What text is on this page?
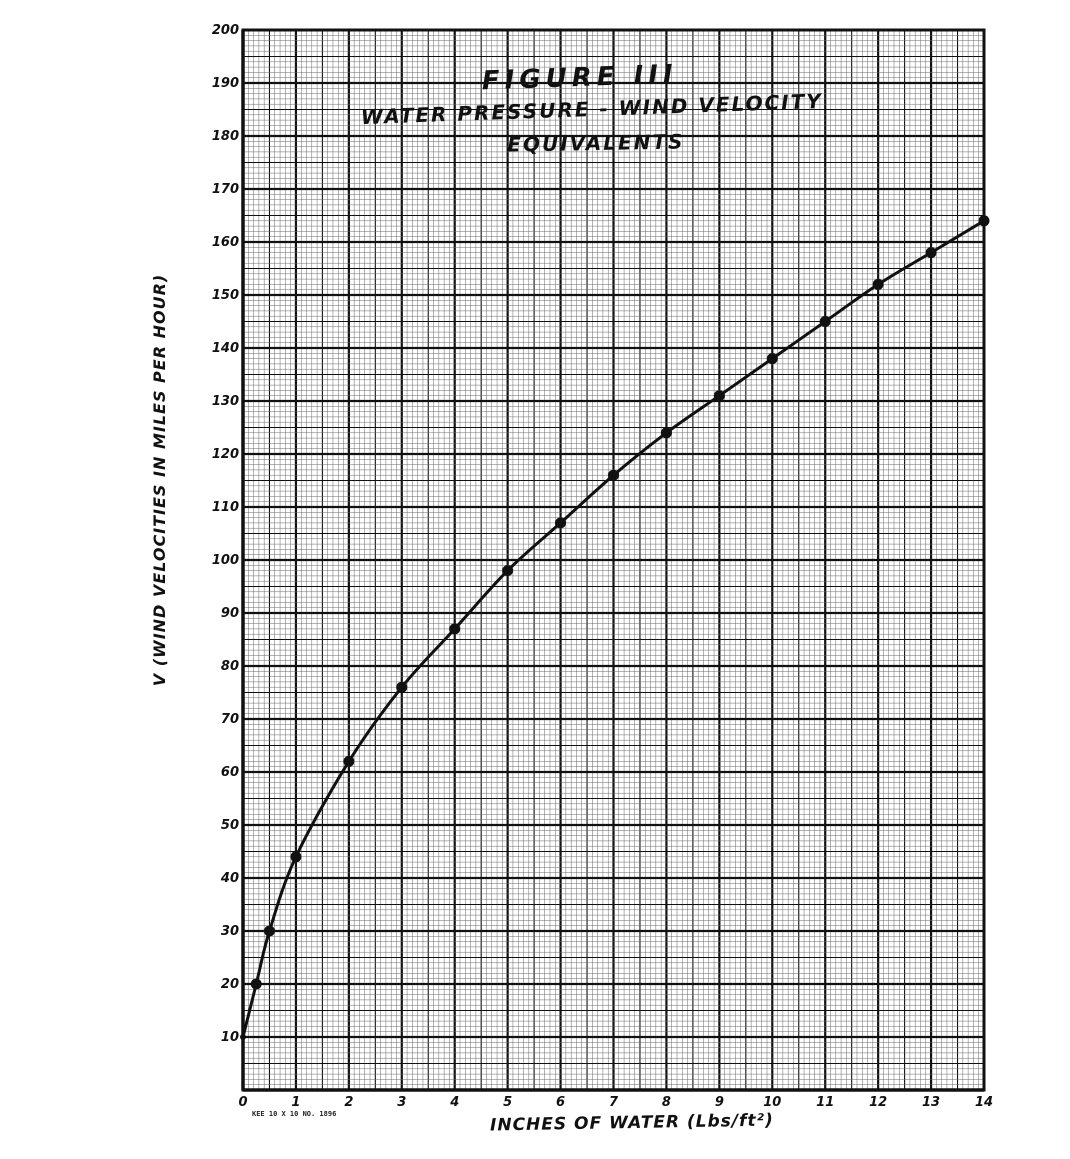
FIGURE III
WATER PRESSURE - WIND VELOCITY
EQUIVALENTS
V (WIND VELOCITIES IN MILES PER HOUR)
INCHES OF WATER (Lbs/ft²)
KEE 10 X 10 NO. 1896
0	1	2	3	4	5	6	7	8	9	10	11	12	13	14
10
20
30
40
50
60
70
80
90
100
110
120
130
140
150
160
170
180
190
200
